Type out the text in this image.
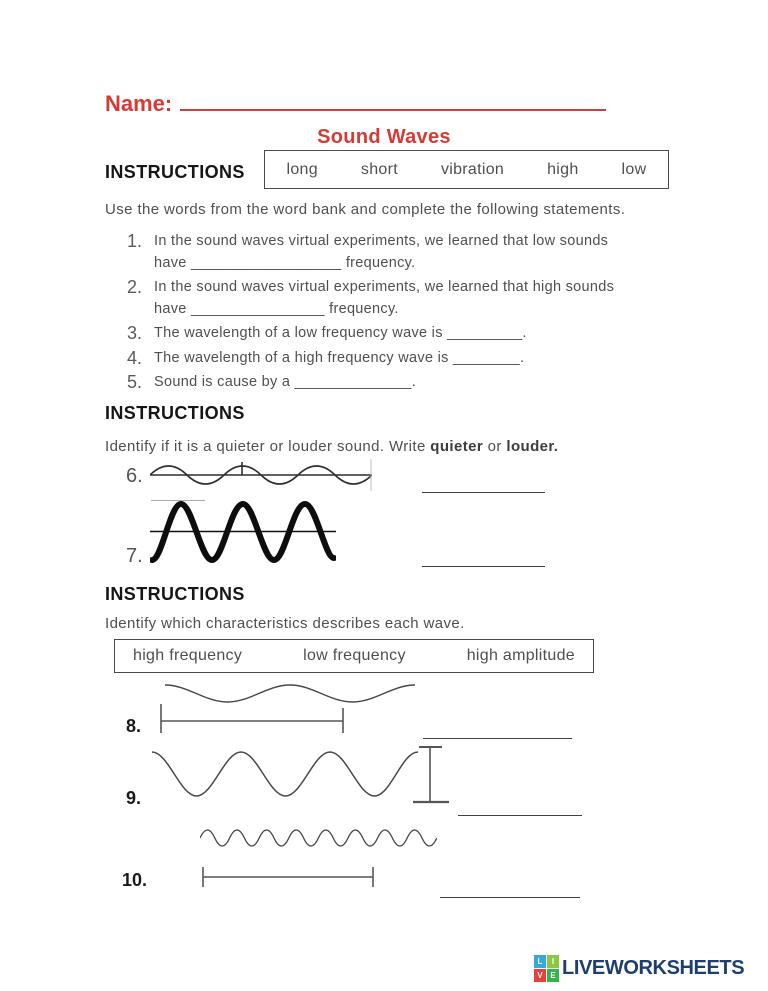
Name:
Sound Waves
long	short	vibration	high	low
INSTRUCTIONS
Use the words from the word bank and complete the following statements.
1. In the sound waves virtual experiments, we learned that low sounds
have __________________ frequency.
2. In the sound waves virtual experiments, we learned that high sounds
have ________________ frequency.
3. The wavelength of a low frequency wave is _________.
4. The wavelength of a high frequency wave is ________.
5. Sound is cause by a ______________.
INSTRUCTIONS
Identify if it is a quieter or louder sound. Write quieter or louder.
6.
7.
INSTRUCTIONS
Identify which characteristics describes each wave.
high frequency	low frequency	high amplitude
8.
9.
10.
L	I
V E LIVEWORKSHEETS
